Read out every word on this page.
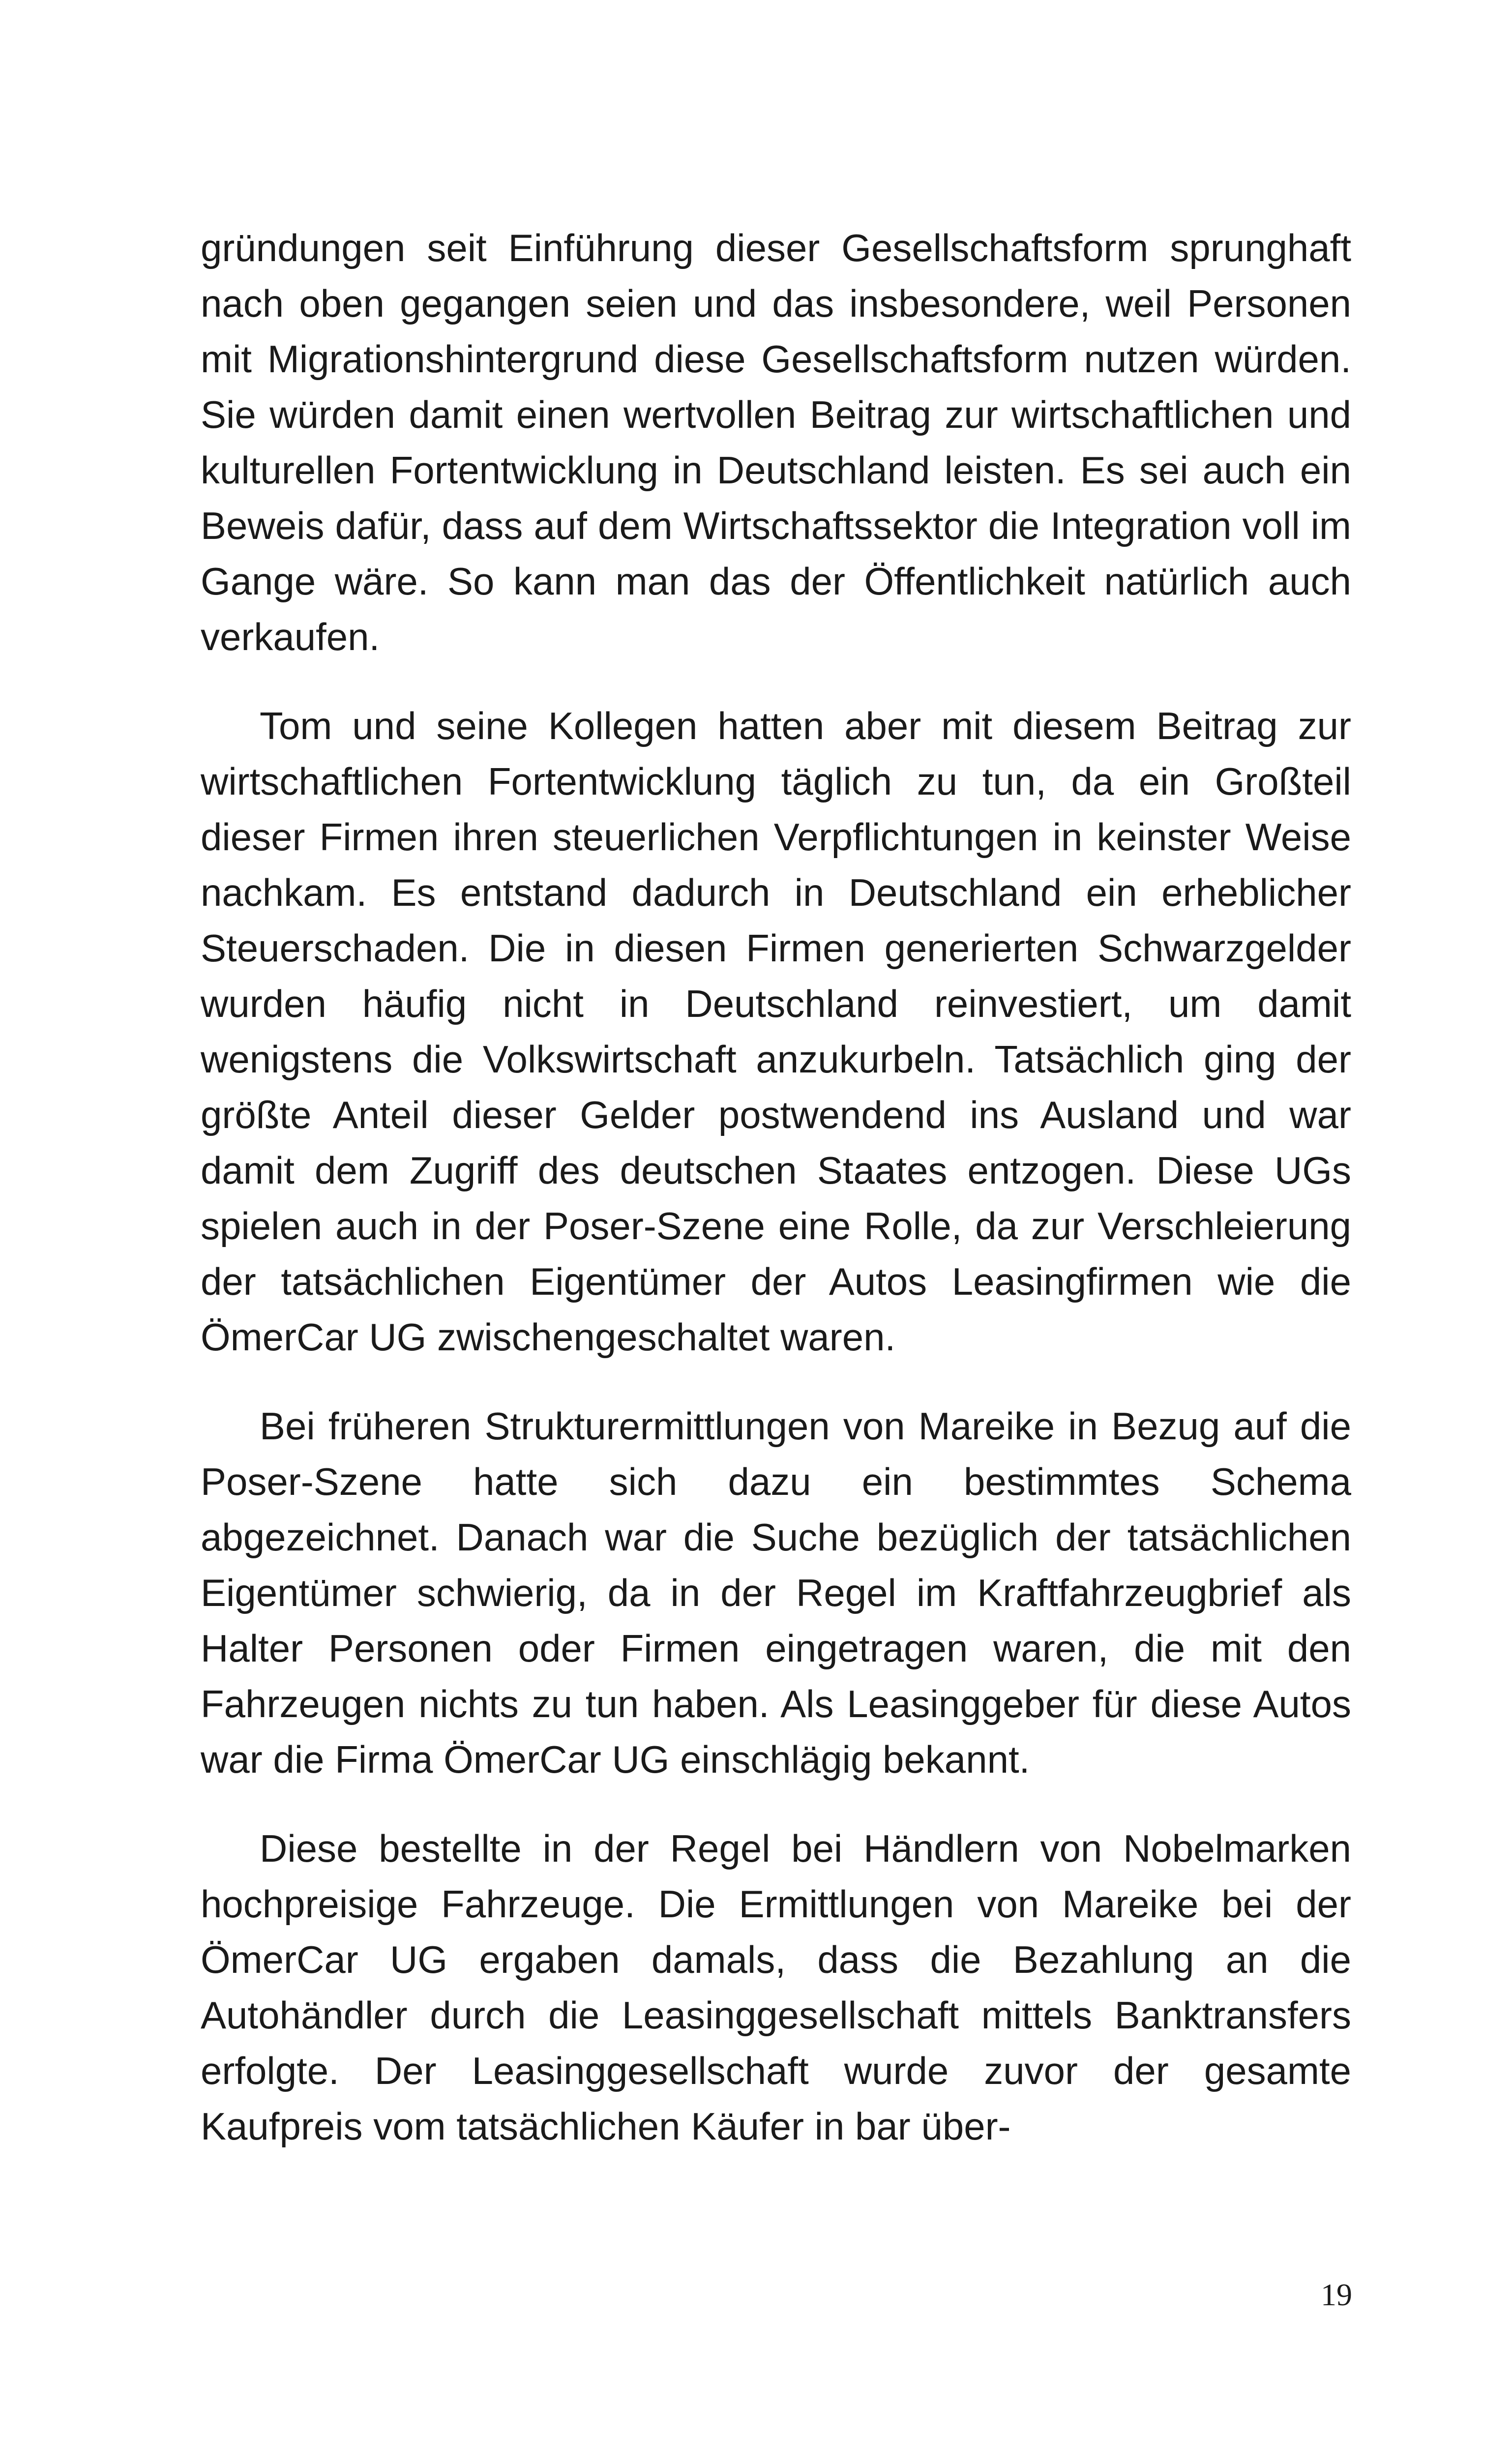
gründungen seit Einführung dieser Gesellschaftsform sprunghaft nach oben gegangen seien und das insbesondere, weil Personen mit Migrationshintergrund diese Gesellschaftsform nutzen würden. Sie würden damit einen wertvollen Beitrag zur wirtschaftlichen und kulturellen Fortentwicklung in Deutschland leisten. Es sei auch ein Beweis dafür, dass auf dem Wirtschaftssektor die Integration voll im Gange wäre. So kann man das der Öffentlichkeit natürlich auch verkaufen.

Tom und seine Kollegen hatten aber mit diesem Beitrag zur wirtschaftlichen Fortentwicklung täglich zu tun, da ein Großteil dieser Firmen ihren steuerlichen Verpflichtungen in keinster Weise nachkam. Es entstand dadurch in Deutschland ein erheblicher Steuerschaden. Die in diesen Firmen generierten Schwarzgelder wurden häufig nicht in Deutschland reinvestiert, um damit wenigstens die Volkswirtschaft anzukurbeln. Tatsächlich ging der größte Anteil dieser Gelder postwendend ins Ausland und war damit dem Zugriff des deutschen Staates entzogen. Diese UGs spielen auch in der Poser-Szene eine Rolle, da zur Verschleierung der tatsächlichen Eigentümer der Autos Leasingfirmen wie die ÖmerCar UG zwischengeschaltet waren.

Bei früheren Strukturermittlungen von Mareike in Bezug auf die Poser-Szene hatte sich dazu ein bestimmtes Schema abgezeichnet. Danach war die Suche bezüglich der tatsächlichen Eigentümer schwierig, da in der Regel im Kraftfahrzeugbrief als Halter Personen oder Firmen eingetragen waren, die mit den Fahrzeugen nichts zu tun haben. Als Leasinggeber für diese Autos war die Firma ÖmerCar UG einschlägig bekannt.

Diese bestellte in der Regel bei Händlern von Nobelmarken hochpreisige Fahrzeuge. Die Ermittlungen von Mareike bei der ÖmerCar UG ergaben damals, dass die Bezahlung an die Autohändler durch die Leasinggesellschaft mittels Banktransfers erfolgte. Der Leasinggesellschaft wurde zuvor der gesamte Kaufpreis vom tatsächlichen Käufer in bar über-

19
